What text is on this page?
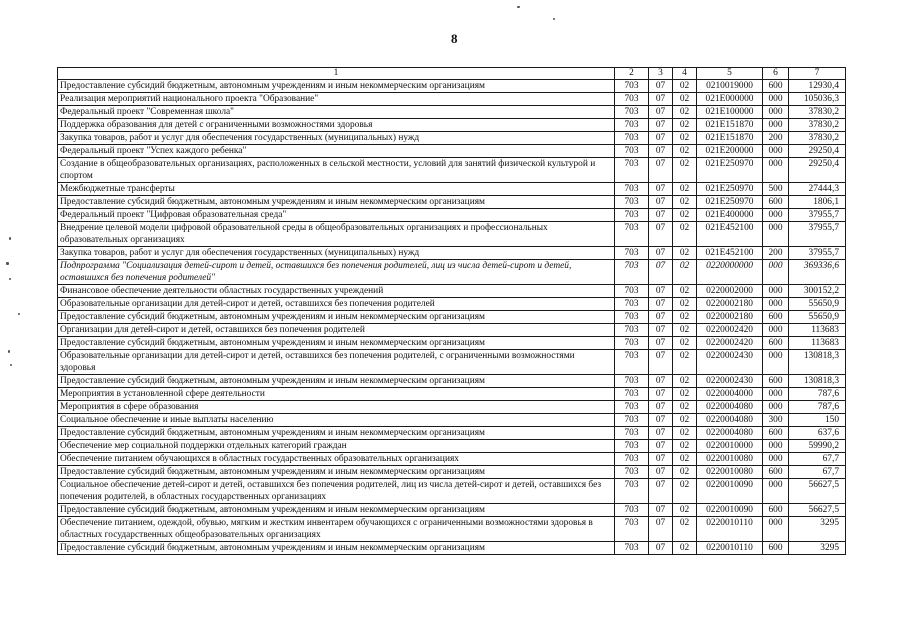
8
1	2	3	4	5	6	7
Предоставление субсидий бюджетным, автономным учреждениям и иным некоммерческим организациям	703	07	02	0210019000	600	12930,4
Реализация мероприятий национального проекта "Образование"	703	07	02	021E000000	000	105036,3
Федеральный проект "Современная школа"	703	07	02	021E100000	000	37830,2
Поддержка образования для детей с ограниченными возможностями здоровья	703	07	02	021E151870	000	37830,2
Закупка товаров, работ и услуг для обеспечения государственных (муниципальных) нужд	703	07	02	021E151870	200	37830,2
Федеральный проект "Успех каждого ребенка"	703	07	02	021E200000	000	29250,4
Создание в общеобразовательных организациях, расположенных в сельской местности, условий для занятий физической культурой и спортом	703	07	02	021E250970	000	29250,4
Межбюджетные трансферты	703	07	02	021E250970	500	27444,3
Предоставление субсидий бюджетным, автономным учреждениям и иным некоммерческим организациям	703	07	02	021E250970	600	1806,1
Федеральный проект "Цифровая образовательная среда"	703	07	02	021E400000	000	37955,7
Внедрение целевой модели цифровой образовательной среды в общеобразовательных организациях и профессиональных образовательных организациях	703	07	02	021E452100	000	37955,7
Закупка товаров, работ и услуг для обеспечения государственных (муниципальных) нужд	703	07	02	021E452100	200	37955,7
Подпрограмма "Социализация детей-сирот и детей, оставшихся без попечения родителей, лиц из числа детей-сирот и детей, оставшихся без попечения родителей"	703	07	02	0220000000	000	369336,6
Финансовое обеспечение деятельности областных государственных учреждений	703	07	02	0220002000	000	300152,2
Образовательные организации для детей-сирот и детей, оставшихся без попечения родителей	703	07	02	0220002180	000	55650,9
Предоставление субсидий бюджетным, автономным учреждениям и иным некоммерческим организациям	703	07	02	0220002180	600	55650,9
Организации для детей-сирот и детей, оставшихся без попечения родителей	703	07	02	0220002420	000	113683
Предоставление субсидий бюджетным, автономным учреждениям и иным некоммерческим организациям	703	07	02	0220002420	600	113683
Образовательные организации для детей-сирот и детей, оставшихся без попечения родителей, с ограниченными возможностями здоровья	703	07	02	0220002430	000	130818,3
Предоставление субсидий бюджетным, автономным учреждениям и иным некоммерческим организациям	703	07	02	0220002430	600	130818,3
Мероприятия в установленной сфере деятельности	703	07	02	0220004000	000	787,6
Мероприятия в сфере образования	703	07	02	0220004080	000	787,6
Социальное обеспечение и иные выплаты населению	703	07	02	0220004080	300	150
Предоставление субсидий бюджетным, автономным учреждениям и иным некоммерческим организациям	703	07	02	0220004080	600	637,6
Обеспечение мер социальной поддержки отдельных категорий граждан	703	07	02	0220010000	000	59990,2
Обеспечение питанием обучающихся в областных государственных образовательных организациях	703	07	02	0220010080	000	67,7
Предоставление субсидий бюджетным, автономным учреждениям и иным некоммерческим организациям	703	07	02	0220010080	600	67,7
Социальное обеспечение детей-сирот и детей, оставшихся без попечения родителей, лиц из числа детей-сирот и детей, оставшихся без попечения родителей, в областных государственных организациях	703	07	02	0220010090	000	56627,5
Предоставление субсидий бюджетным, автономным учреждениям и иным некоммерческим организациям	703	07	02	0220010090	600	56627,5
Обеспечение питанием, одеждой, обувью, мягким и жестким инвентарем обучающихся с ограниченными возможностями здоровья в областных государственных общеобразовательных организациях	703	07	02	0220010110	000	3295
Предоставление субсидий бюджетным, автономным учреждениям и иным некоммерческим организациям	703	07	02	0220010110	600	3295
